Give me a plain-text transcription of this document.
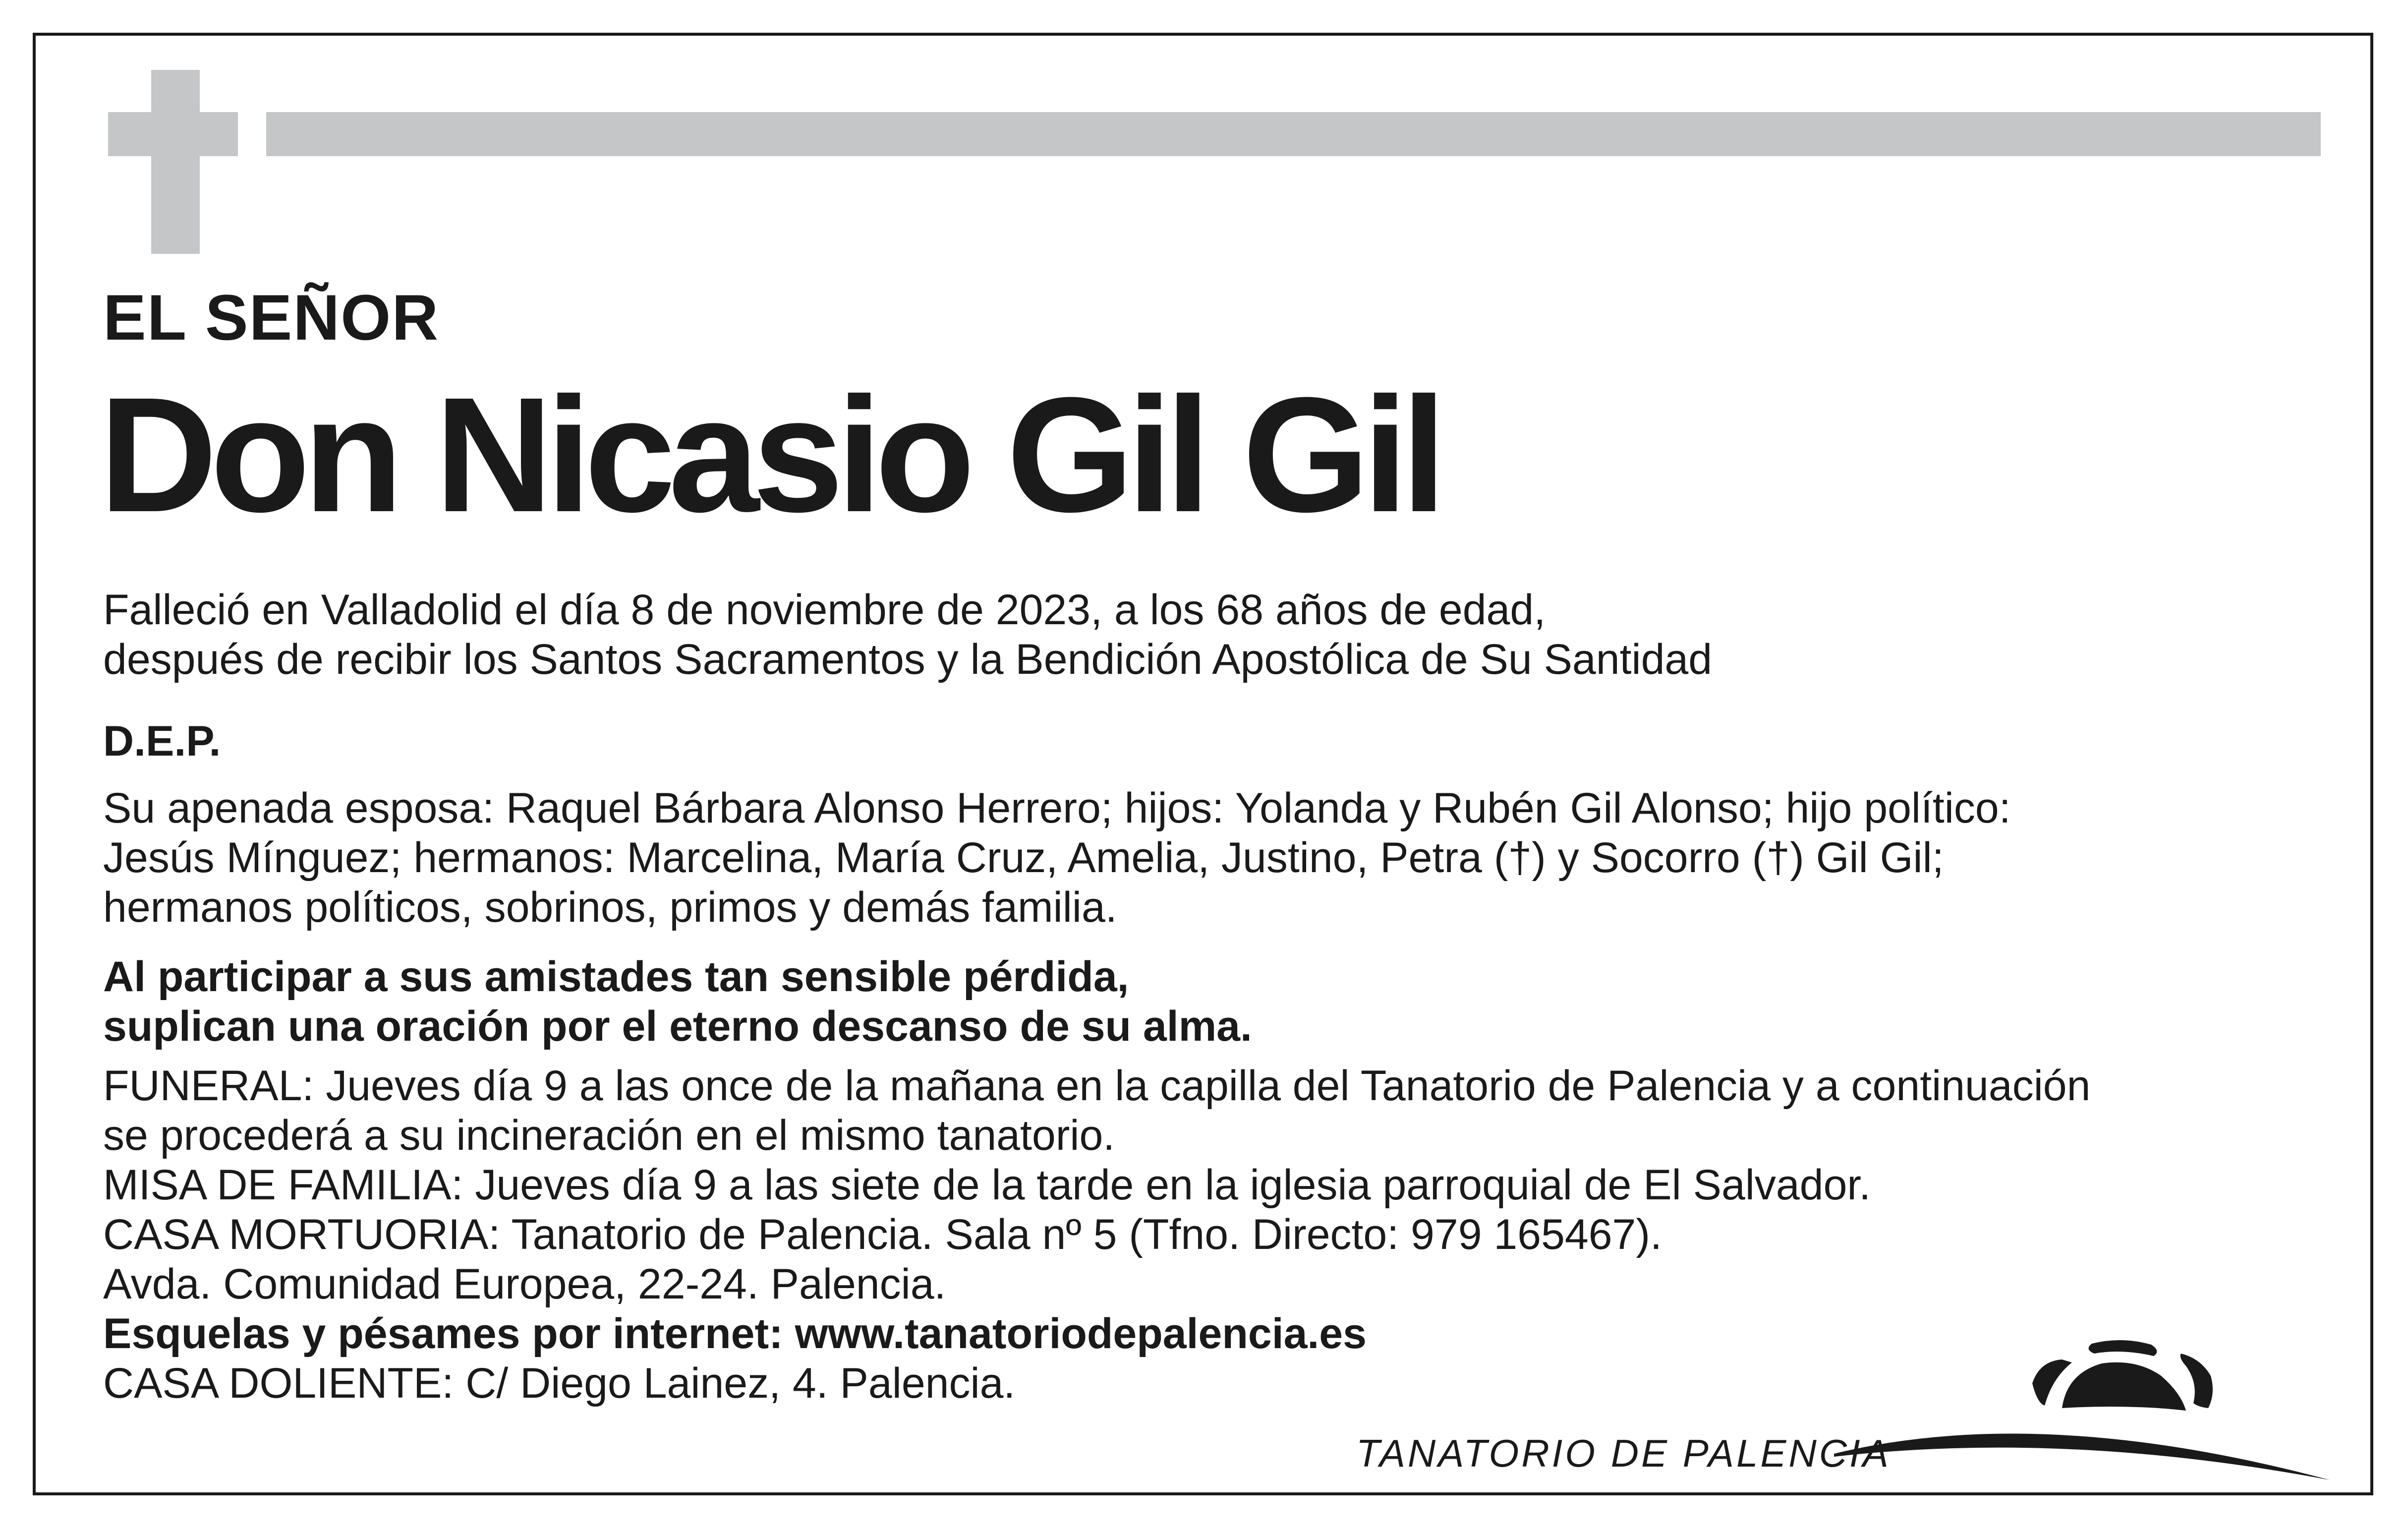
EL SEÑOR
Don Nicasio Gil Gil

Falleció en Valladolid el día 8 de noviembre de 2023, a los 68 años de edad,
después de recibir los Santos Sacramentos y la Bendición Apostólica de Su Santidad

D.E.P.

Su apenada esposa: Raquel Bárbara Alonso Herrero; hijos: Yolanda y Rubén Gil Alonso; hijo político:
Jesús Mínguez; hermanos: Marcelina, María Cruz, Amelia, Justino, Petra (†) y Socorro (†) Gil Gil;
hermanos políticos, sobrinos, primos y demás familia.

Al participar a sus amistades tan sensible pérdida,
suplican una oración por el eterno descanso de su alma.

FUNERAL: Jueves día 9 a las once de la mañana en la capilla del Tanatorio de Palencia y a continuación
se procederá a su incineración en el mismo tanatorio.
MISA DE FAMILIA: Jueves día 9 a las siete de la tarde en la iglesia parroquial de El Salvador.
CASA MORTUORIA: Tanatorio de Palencia. Sala nº 5 (Tfno. Directo: 979 165467).
Avda. Comunidad Europea, 22-24. Palencia.
Esquelas y pésames por internet: www.tanatoriodepalencia.es
CASA DOLIENTE: C/ Diego Lainez, 4. Palencia.

TANATORIO DE PALENCIA
